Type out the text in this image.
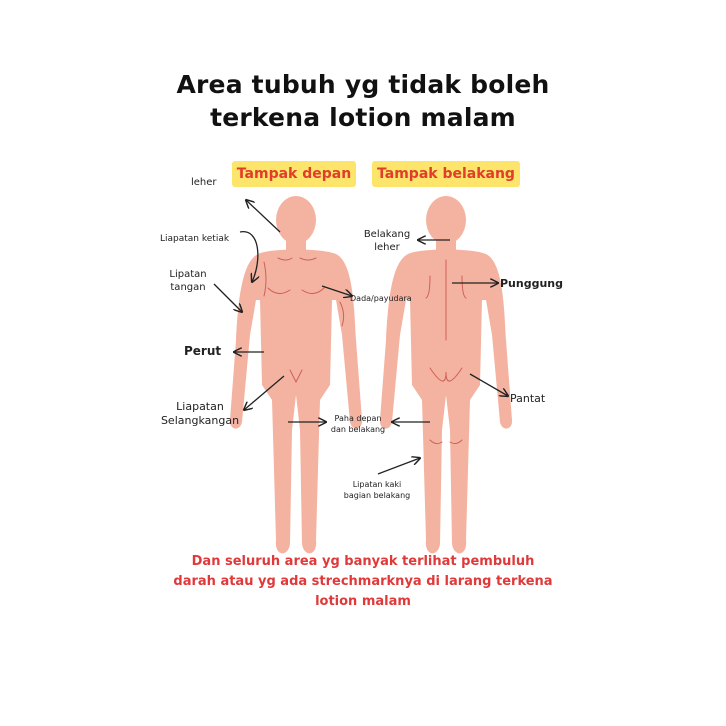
Area tubuh yg tidak boleh
terkena lotion malam
Tampak depan	Tampak belakang
leher
Liapatan ketiak
Lipatan
tangan
Perut
Liapatan
Selangkangan
Dada/payudara
Paha depan
dan belakang
Belakang
leher
Punggung
Pantat
Lipatan kaki
bagian belakang
Dan seluruh area yg banyak terlihat pembuluh
darah atau yg ada strechmarknya di larang terkena
lotion malam
